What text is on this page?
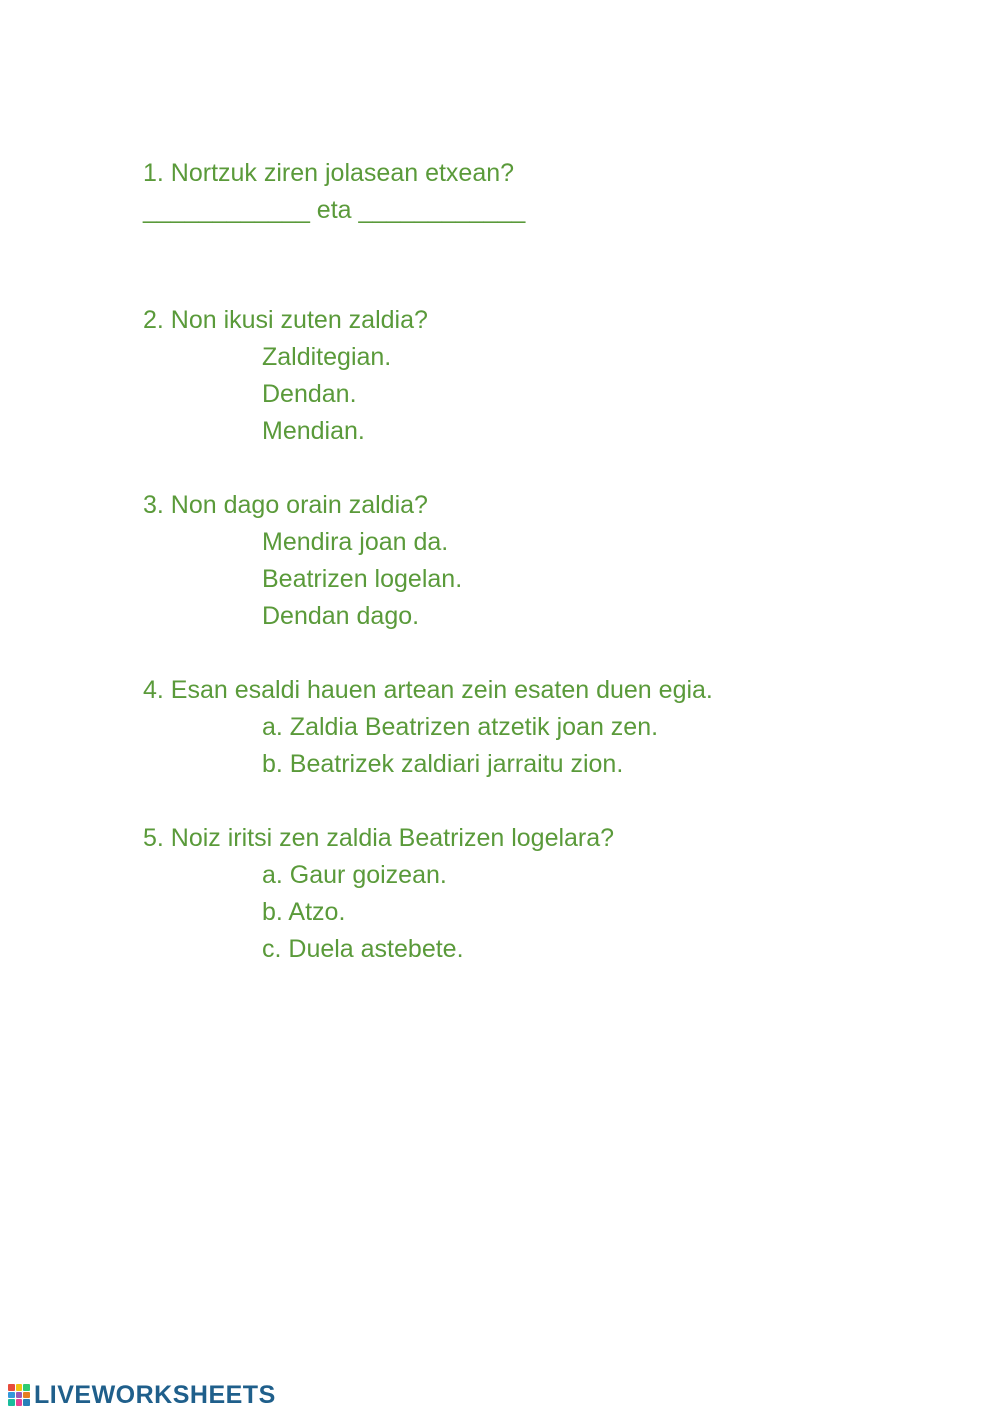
1. Nortzuk ziren jolasean etxean?

____________ eta ____________

2. Non ikusi zuten zaldia?

Zalditegian.

Dendan.

Mendian.

3. Non dago orain zaldia?

Mendira joan da.

Beatrizen logelan.

Dendan dago.

4. Esan esaldi hauen artean zein esaten duen egia.

a. Zaldia Beatrizen atzetik joan zen.

b. Beatrizek zaldiari jarraitu zion.

5. Noiz iritsi zen zaldia Beatrizen logelara?

a. Gaur goizean.

b. Atzo.

c. Duela astebete.

LIVEWORKSHEETS
